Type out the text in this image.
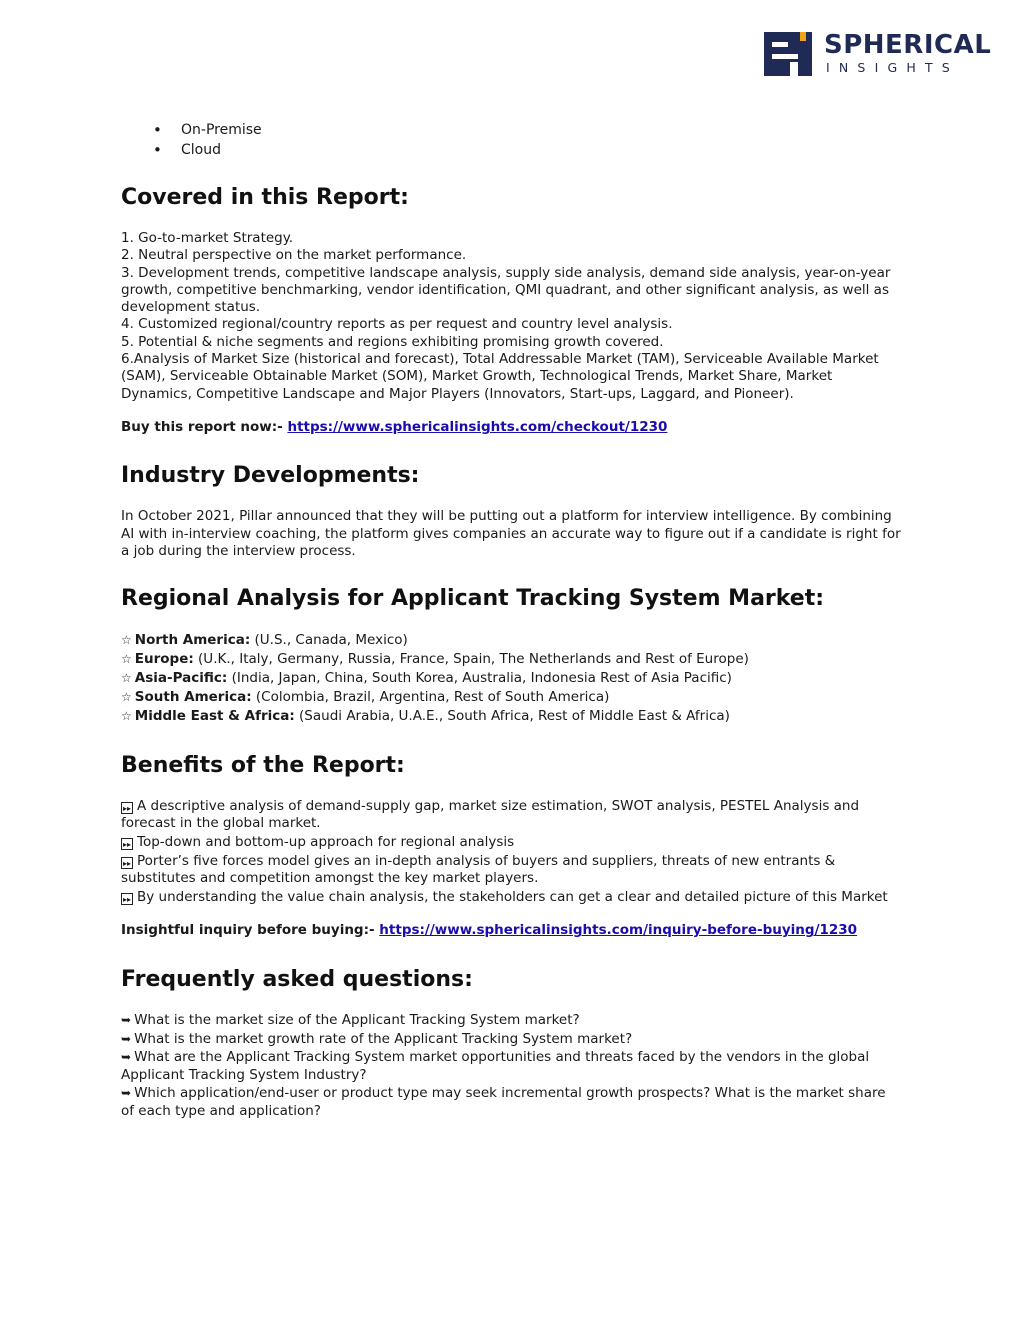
SPHERICAL
INSIGHTS
• On-Premise
• Cloud
Covered in this Report:
1. Go-to-market Strategy.
2. Neutral perspective on the market performance.
3. Development trends, competitive landscape analysis, supply side analysis, demand side analysis, year-on-year growth, competitive benchmarking, vendor identification, QMI quadrant, and other significant analysis, as well as development status.
4. Customized regional/country reports as per request and country level analysis.
5. Potential & niche segments and regions exhibiting promising growth covered.
6.Analysis of Market Size (historical and forecast), Total Addressable Market (TAM), Serviceable Available Market (SAM), Serviceable Obtainable Market (SOM), Market Growth, Technological Trends, Market Share, Market Dynamics, Competitive Landscape and Major Players (Innovators, Start-ups, Laggard, and Pioneer).
Buy this report now:- https://www.sphericalinsights.com/checkout/1230
Industry Developments:

In October 2021, Pillar announced that they will be putting out a platform for interview intelligence. By combining AI with in-interview coaching, the platform gives companies an accurate way to figure out if a candidate is right for a job during the interview process.

Regional Analysis for Applicant Tracking System Market:
☆ North America: (U.S., Canada, Mexico)
☆ Europe: (U.K., Italy, Germany, Russia, France, Spain, The Netherlands and Rest of Europe)
☆ Asia-Pacific: (India, Japan, China, South Korea, Australia, Indonesia Rest of Asia Pacific)
☆ South America: (Colombia, Brazil, Argentina, Rest of South America)
☆ Middle East & Africa: (Saudi Arabia, U.A.E., South Africa, Rest of Middle East & Africa)
Benefits of the Report:
▸▸ A descriptive analysis of demand-supply gap, market size estimation, SWOT analysis, PESTEL Analysis and forecast in the global market.
▸▸ Top-down and bottom-up approach for regional analysis
▸▸ Porter’s five forces model gives an in-depth analysis of buyers and suppliers, threats of new entrants & substitutes and competition amongst the key market players.
▸▸ By understanding the value chain analysis, the stakeholders can get a clear and detailed picture of this Market
Insightful inquiry before buying:- https://www.sphericalinsights.com/inquiry-before-buying/1230
Frequently asked questions:
➥ What is the market size of the Applicant Tracking System market?
➥ What is the market growth rate of the Applicant Tracking System market?
➥ What are the Applicant Tracking System market opportunities and threats faced by the vendors in the global Applicant Tracking System Industry?
➥ Which application/end-user or product type may seek incremental growth prospects? What is the market share of each type and application?
